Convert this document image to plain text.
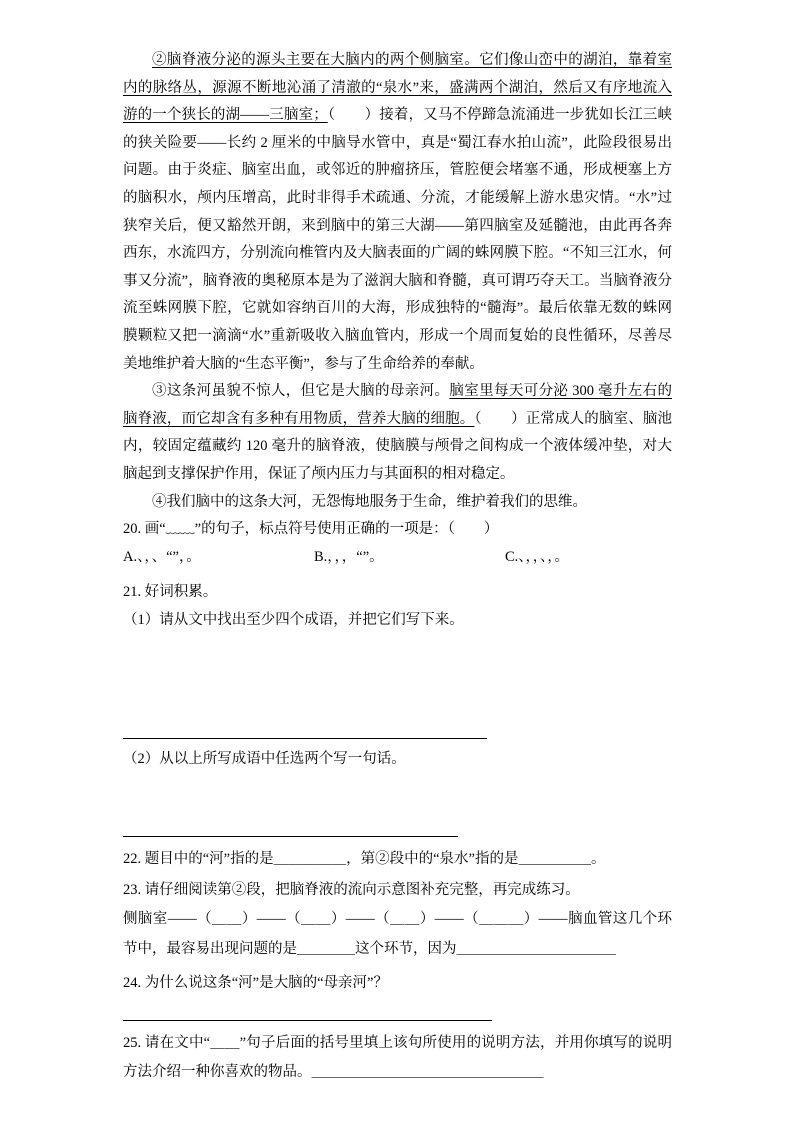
②脑脊液分泌的源头主要在大脑内的两个侧脑室。它们像山峦中的湖泊，靠着室内的脉络丛，源源不断地沁涌了清澈的“泉水”来，盛满两个湖泊，然后又有序地流入游的一个狭长的湖——三脑室；（　　）接着，又马不停蹄急流涌进一步犹如长江三峡的狭关险要——长约 2 厘米的中脑导水管中，真是“蜀江春水拍山流”，此险段很易出问题。由于炎症、脑室出血，或邻近的肿瘤挤压，管腔便会堵塞不通，形成梗塞上方的脑积水，颅内压增高，此时非得手术疏通、分流，才能缓解上游水患灾情。“水”过狭窄关后，便又豁然开朗，来到脑中的第三大湖——第四脑室及延髓池，由此再各奔西东，水流四方，分别流向椎管内及大脑表面的广阔的蛛网膜下腔。“不知三江水，何事又分流”，脑脊液的奥秘原本是为了滋润大脑和脊髓，真可谓巧夺天工。当脑脊液分流至蛛网膜下腔，它就如容纳百川的大海，形成独特的“髓海”。最后依靠无数的蛛网膜颗粒又把一滴滴“水”重新吸收入脑血管内，形成一个周而复始的良性循环，尽善尽美地维护着大脑的“生态平衡”，参与了生命给养的奉献。

③这条河虽貌不惊人，但它是大脑的母亲河。脑室里每天可分泌 300 毫升左右的脑脊液，而它却含有多种有用物质，营养大脑的细胞。（　　）正常成人的脑室、脑池内，较固定蕴藏约 120 毫升的脑脊液，使脑膜与颅骨之间构成一个液体缓冲垫，对大脑起到支撑保护作用，保证了颅内压力与其面积的相对稳定。

④我们脑中的这条大河，无怨悔地服务于生命，维护着我们的思维。

20. 画“﹏﹏”的句子，标点符号使用正确的一项是：（　　）
A.、，、“”，。	B.，，，“”。	C.、，，、，。
21. 好词积累。
（1）请从文中找出至少四个成语，并把它们写下来。
（2）从以上所写成语中任选两个写一句话。
22. 题目中的“河”指的是＿＿＿＿＿，第②段中的“泉水”指的是＿＿＿＿＿。
23. 请仔细阅读第②段，把脑脊液的流向示意图补充完整，再完成练习。
侧脑室——（＿＿）——（＿＿）——（＿＿）——（＿＿＿）——脑血管这几个环节中，最容易出现问题的是＿＿＿＿这个环节，因为＿＿＿＿＿＿＿＿＿＿＿
24. 为什么说这条“河”是大脑的“母亲河”？
25. 请在文中“＿＿”句子后面的括号里填上该句所使用的说明方法，并用你填写的说明方法介绍一种你喜欢的物品。＿＿＿＿＿＿＿＿＿＿＿＿＿＿＿＿
